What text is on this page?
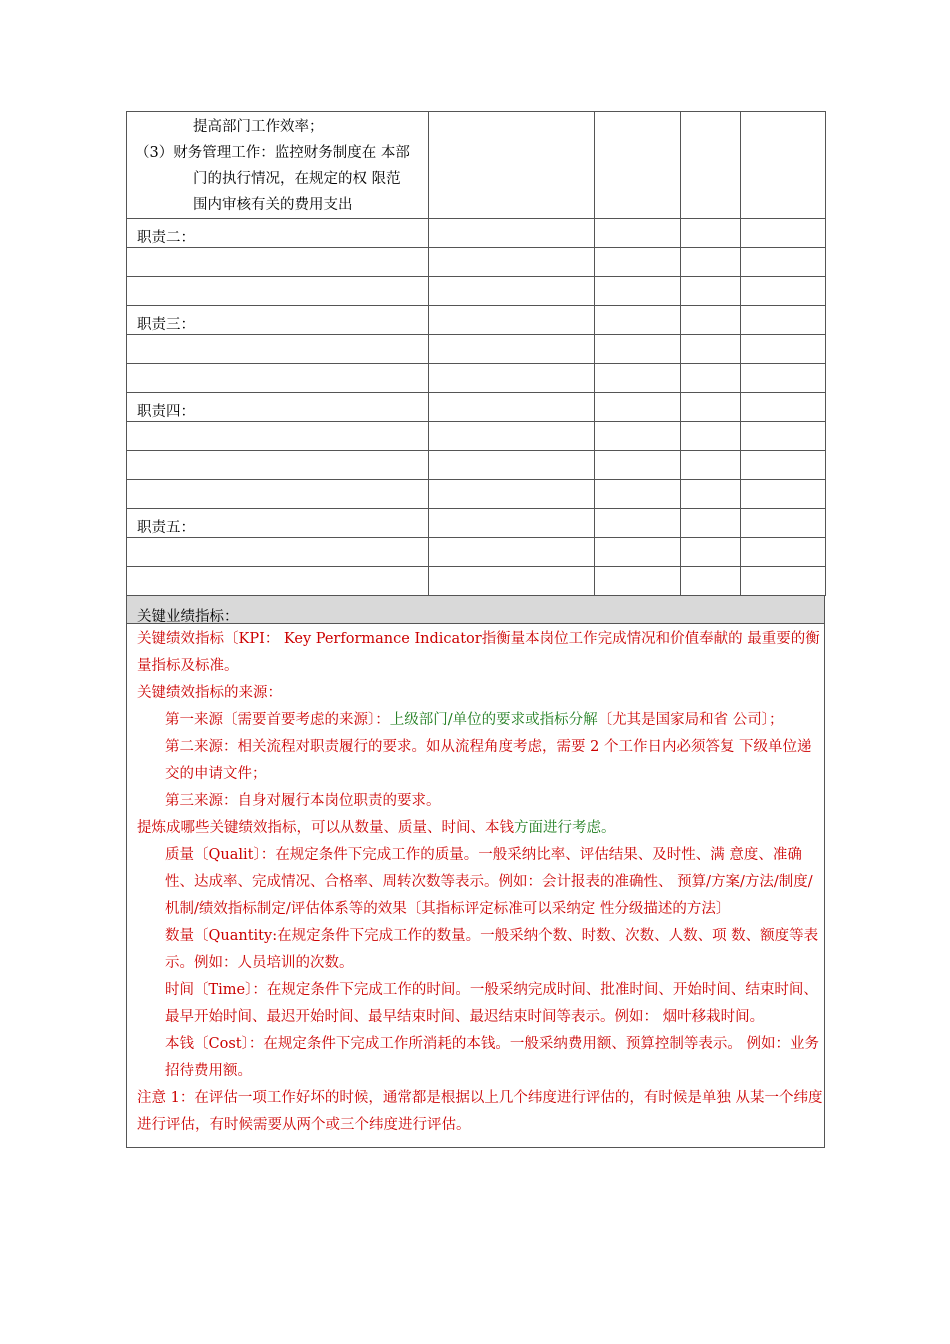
提高部门工作效率；
（3）财务管理工作：监控财务制度在 本部
门的执行情况，在规定的权 限范
围内审核有关的费用支出				

职责二：				

职责三：				

职责四：				

职责五：				

关键业绩指标：

关键绩效指标〔KPI： Key Performance Indicator指衡量本岗位工作完成情况和价值奉献的 最重要的衡量指标及标准。

关键绩效指标的来源：

第一来源〔需要首要考虑的来源〕：上级部门/单位的要求或指标分解〔尤其是国家局和省 公司〕；

第二来源：相关流程对职责履行的要求。如从流程角度考虑，需要 2 个工作日内必须答复 下级单位递交的申请文件；

第三来源：自身对履行本岗位职责的要求。

提炼成哪些关键绩效指标，可以从数量、质量、时间、本钱方面进行考虑。

质量〔Qualit〕：在规定条件下完成工作的质量。一般采纳比率、评估结果、及时性、满 意度、准确性、达成率、完成情况、合格率、周转次数等表示。例如：会计报表的准确性、 预算/方案/方法/制度/机制/绩效指标制定/评估体系等的效果〔其指标评定标准可以采纳定 性分级描述的方法〕

数量〔Quantity:在规定条件下完成工作的数量。一般采纳个数、时数、次数、人数、项 数、额度等表示。例如：人员培训的次数。

时间〔Time〕：在规定条件下完成工作的时间。一般采纳完成时间、批准时间、开始时间、结束时间、最早开始时间、最迟开始时间、最早结束时间、最迟结束时间等表示。例如： 烟叶移栽时间。

本钱〔Cost〕：在规定条件下完成工作所消耗的本钱。一般采纳费用额、预算控制等表示。 例如：业务招待费用额。

注意 1：在评估一项工作好坏的时候，通常都是根据以上几个纬度进行评估的，有时候是单独 从某一个纬度进行评估，有时候需要从两个或三个纬度进行评估。
